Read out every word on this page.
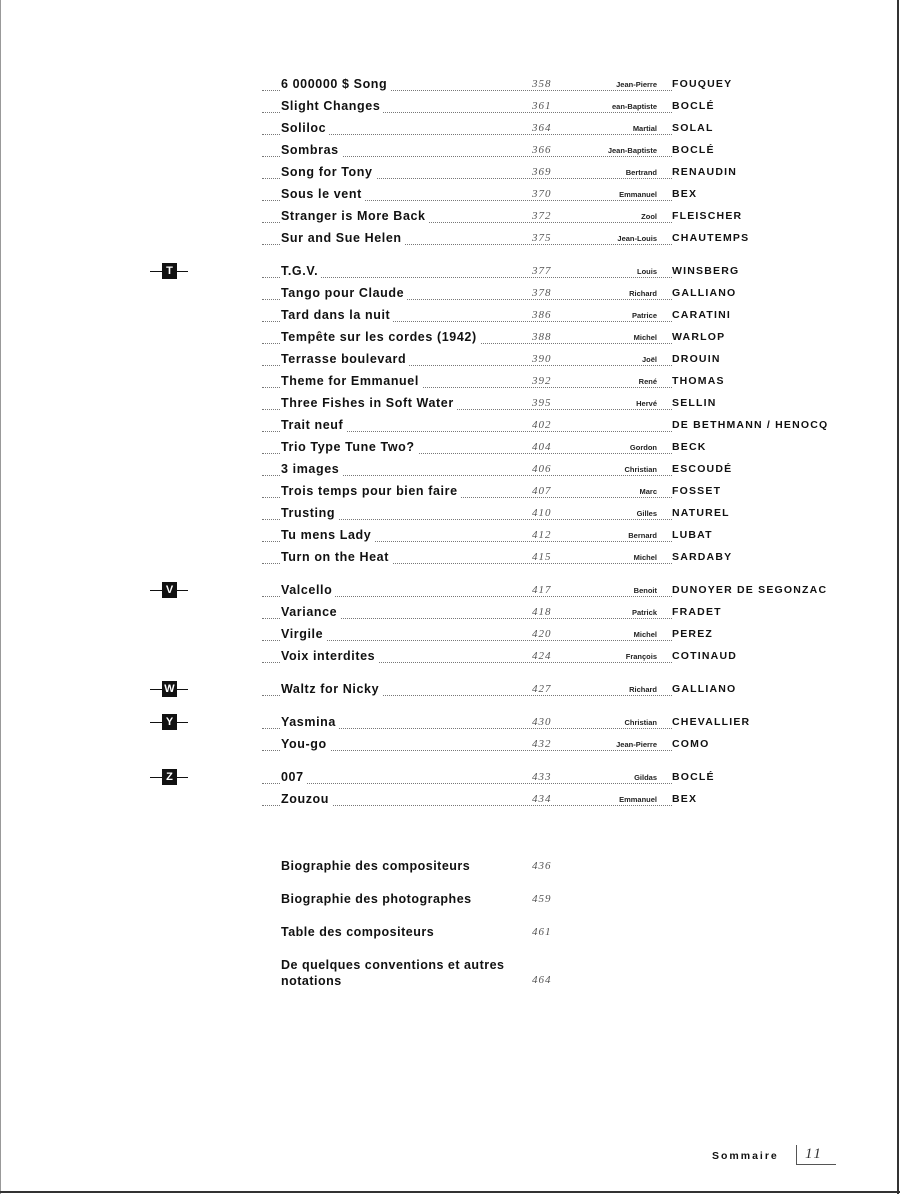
6 000000 $ Song	358	Jean-Pierre FOUQUEY
Slight Changes	361	ean-Baptiste BOCLÉ
Soliloc	364	Martial SOLAL
Sombras	366	Jean-Baptiste BOCLÉ
Song for Tony	369	Bertrand RENAUDIN
Sous le vent	370	Emmanuel BEX
Stranger is More Back	372	Zool FLEISCHER
Sur and Sue Helen	375	Jean-Louis CHAUTEMPS
T	T.G.V.	377	Louis WINSBERG
Tango pour Claude	378	Richard GALLIANO
Tard dans la nuit	386	Patrice CARATINI
Tempête sur les cordes (1942)	388	Michel WARLOP
Terrasse boulevard	390	Joël DROUIN
Theme for Emmanuel	392	René THOMAS
Three Fishes in Soft Water	395	Hervé SELLIN
Trait neuf	402	DE BETHMANN / HENOCQ
Trio Type Tune Two?	404	Gordon BECK
3 images	406	Christian ESCOUDÉ
Trois temps pour bien faire	407	Marc FOSSET
Trusting	410	Gilles NATUREL
Tu mens Lady	412	Bernard LUBAT
Turn on the Heat	415	Michel SARDABY
V	Valcello	417	Benoit DUNOYER DE SEGONZAC
Variance	418	Patrick FRADET
Virgile	420	Michel PEREZ
Voix interdites	424	François COTINAUD
W	Waltz for Nicky	427	Richard GALLIANO
Y	Yasmina	430	Christian CHEVALLIER
You-go	432	Jean-Pierre COMO
Z	007	433	Gildas BOCLÉ
Zouzou	434	Emmanuel BEX
Biographie des compositeurs	436
Biographie des photographes	459
Table des compositeurs	461
De quelques conventions et autres notations	464
Sommaire 11
